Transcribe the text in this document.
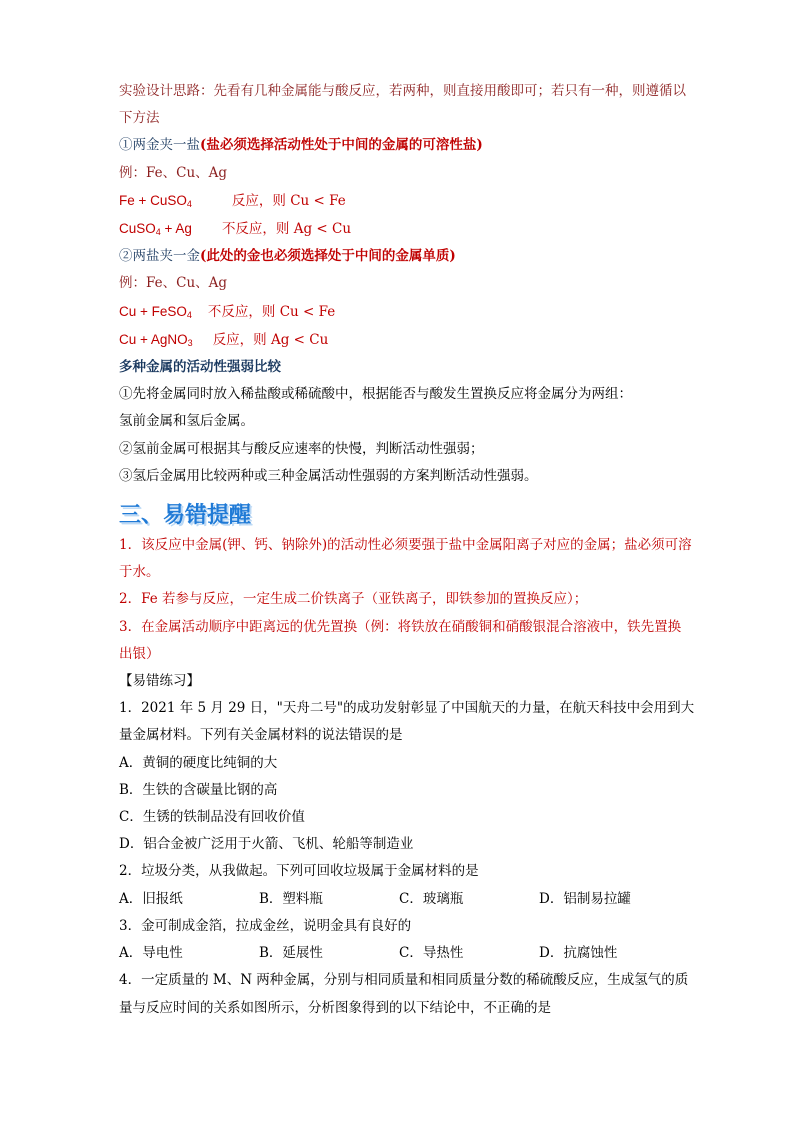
实验设计思路：先看有几种金属能与酸反应，若两种，则直接用酸即可；若只有一种，则遵循以
下方法
①两金夹一盐(盐必须选择活动性处于中间的金属的可溶性盐)
例：Fe、Cu、Ag
Fe + CuSO$_4$	反应，则 Cu < Fe
CuSO$_4$ + Ag 不反应，则 Ag < Cu
②两盐夹一金(此处的金也必须选择处于中间的金属单质)
例：Fe、Cu、Ag
Cu + FeSO$_4$ 不反应，则 Cu < Fe
Cu + AgNO$_3$ 反应，则 Ag < Cu
多种金属的活动性强弱比较
①先将金属同时放入稀盐酸或稀硫酸中，根据能否与酸发生置换反应将金属分为两组：
氢前金属和氢后金属。
②氢前金属可根据其与酸反应速率的快慢，判断活动性强弱；
③氢后金属用比较两种或三种金属活动性强弱的方案判断活动性强弱。
三、易错提醒
1．该反应中金属(钾、钙、钠除外)的活动性必须要强于盐中金属阳离子对应的金属；盐必须可溶
于水。
2．Fe 若参与反应，一定生成二价铁离子（亚铁离子，即铁参加的置换反应）；
3．在金属活动顺序中距离远的优先置换（例：将铁放在硝酸铜和硝酸银混合溶液中，铁先置换
出银）
【易错练习】
1．2021 年 5 月 29 日，"天舟二号"的成功发射彰显了中国航天的力量，在航天科技中会用到大
量金属材料。下列有关金属材料的说法错误的是
A．黄铜的硬度比纯铜的大
B．生铁的含碳量比钢的高
C．生锈的铁制品没有回收价值
D．铝合金被广泛用于火箭、飞机、轮船等制造业
2．垃圾分类，从我做起。下列可回收垃圾属于金属材料的是
A．旧报纸	B．塑料瓶	C．玻璃瓶	D．铝制易拉罐
3．金可制成金箔，拉成金丝，说明金具有良好的
A．导电性	B．延展性	C．导热性	D．抗腐蚀性
4．一定质量的 M、N 两种金属，分别与相同质量和相同质量分数的稀硫酸反应，生成氢气的质
量与反应时间的关系如图所示，分析图象得到的以下结论中，不正确的是
